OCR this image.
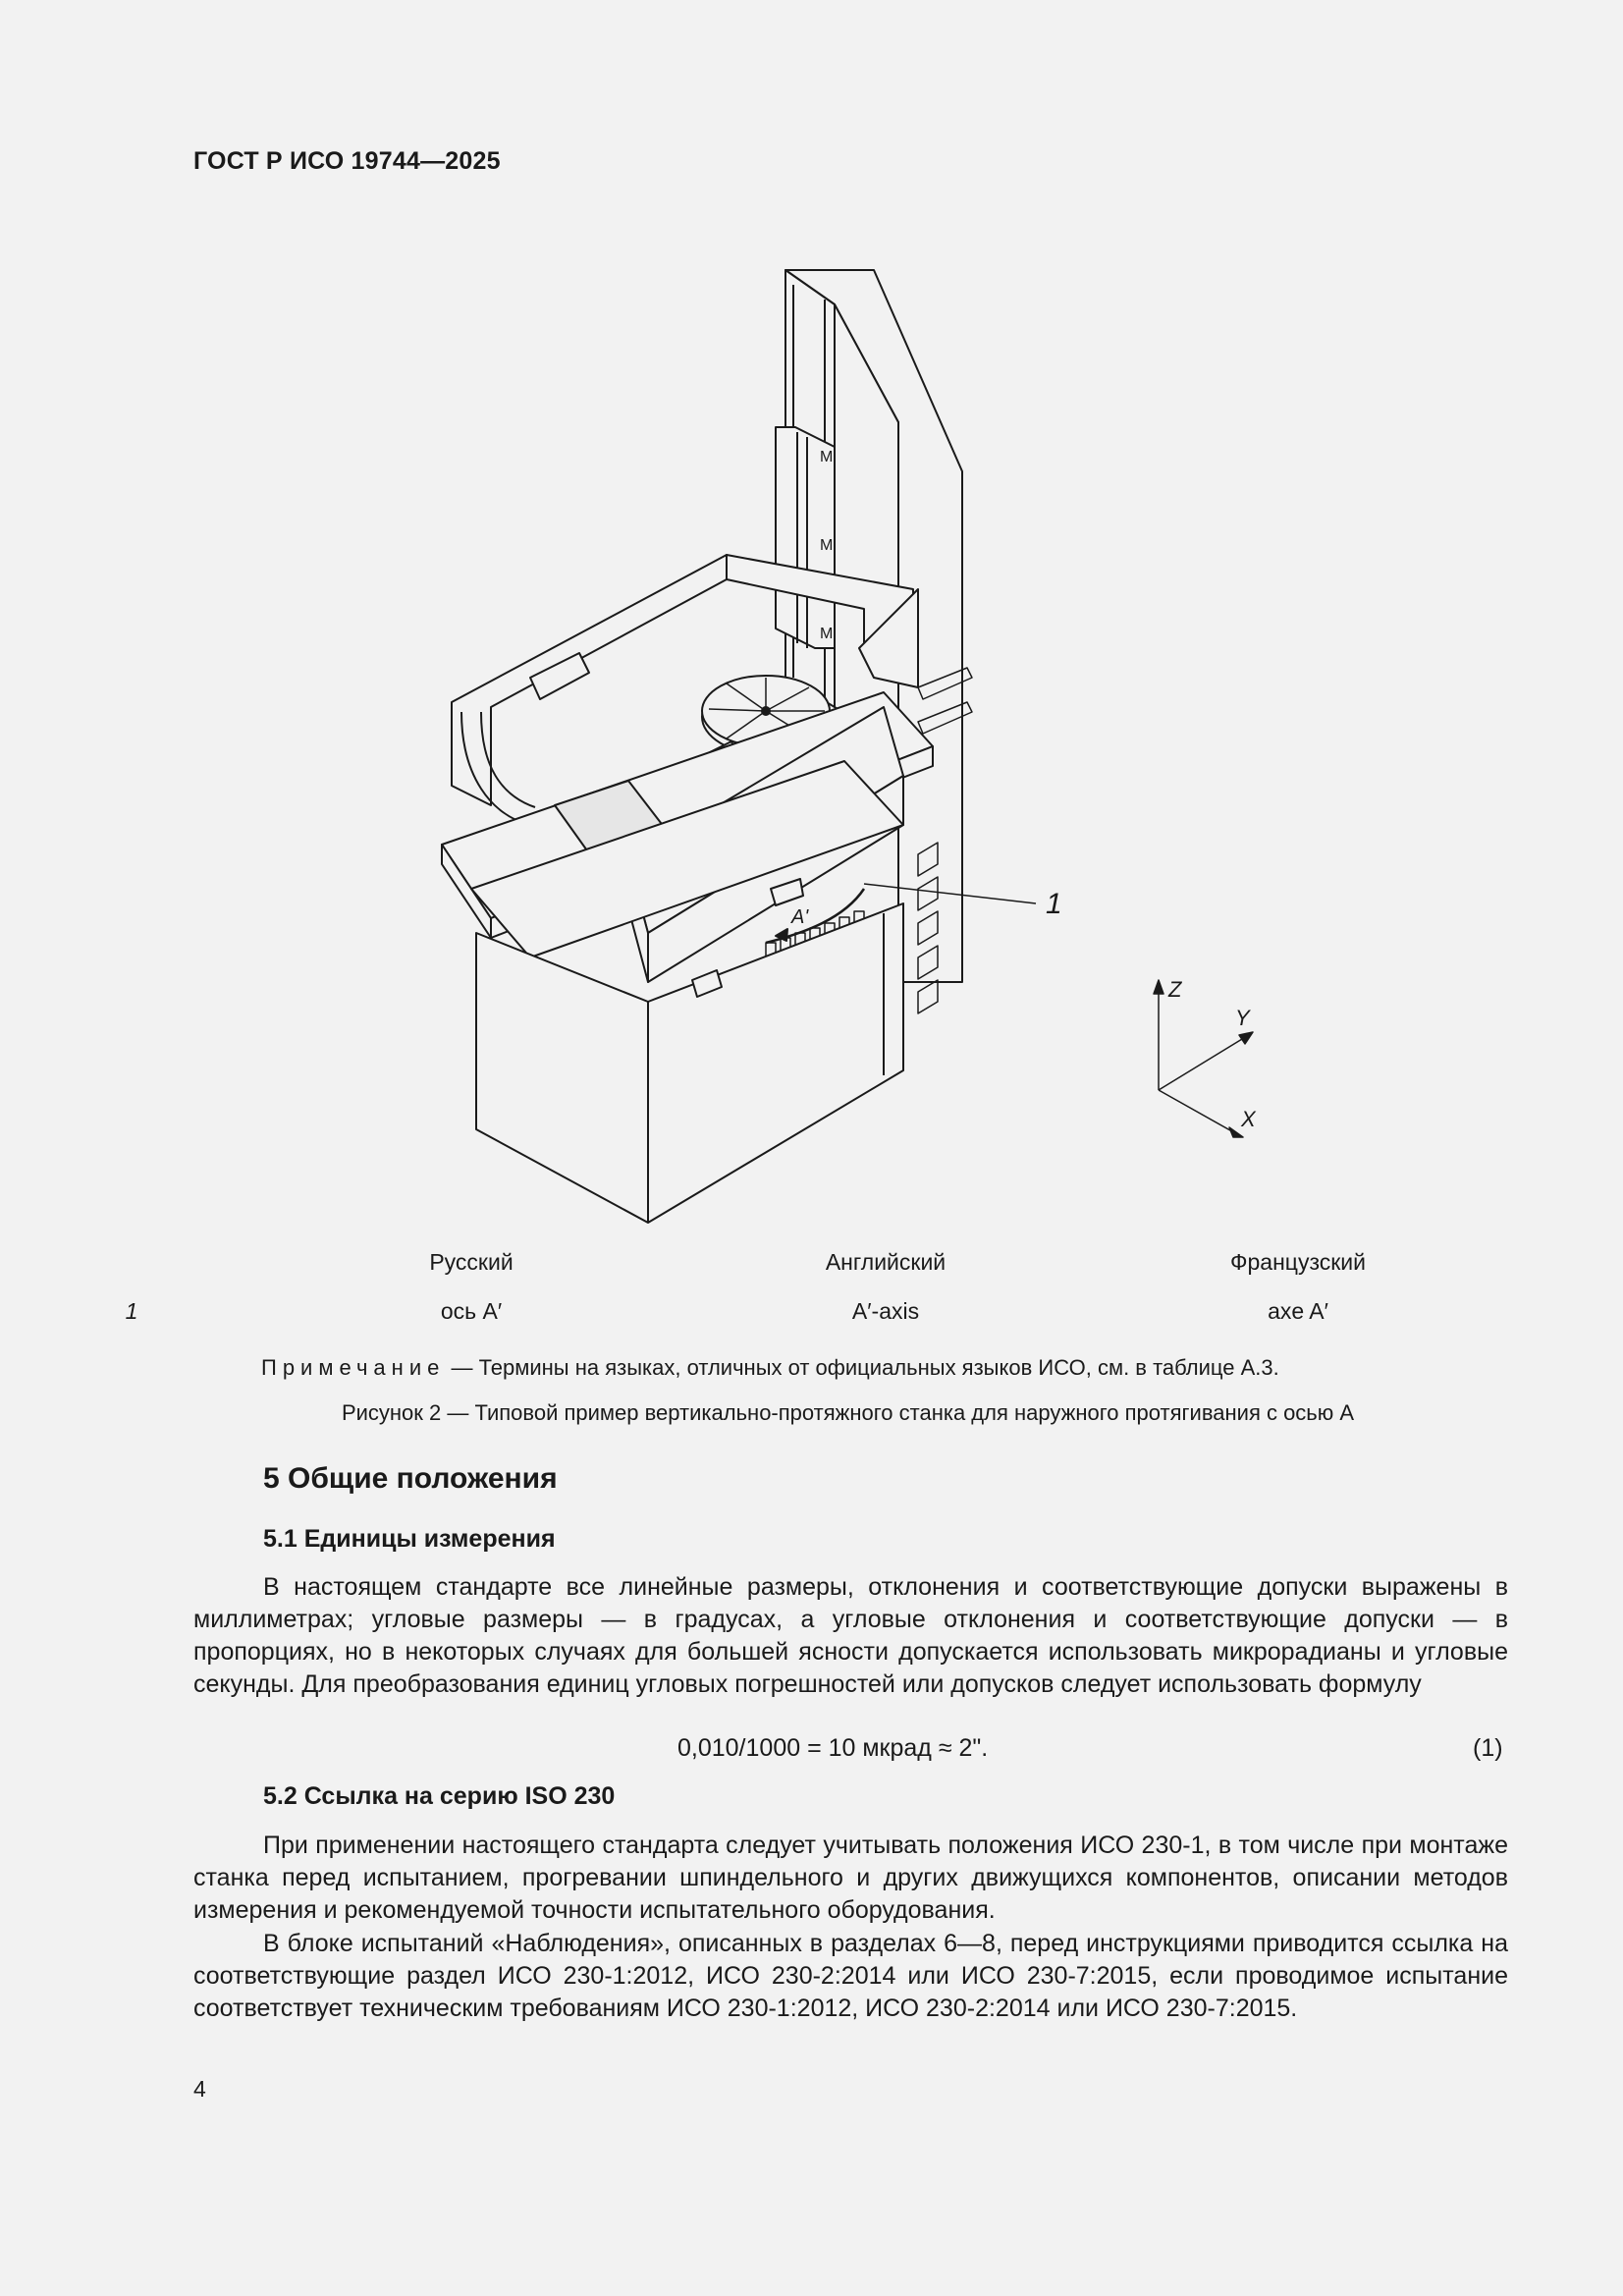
ГОСТ Р ИСО 19744—2025
M
M
M
A'	1
Z
Y
X
Русский	Английский	Французский
1	ось A′	A′-axis	axe A′
Примечание — Термины на языках, отличных от официальных языков ИСО, см. в таблице А.3.
Рисунок 2 — Типовой пример вертикально-протяжного станка для наружного протягивания с осью A
5 Общие положения
5.1 Единицы измерения
В настоящем стандарте все линейные размеры, отклонения и соответствующие допуски выражены в миллиметрах; угловые размеры — в градусах, а угловые отклонения и соответствующие допуски — в пропорциях, но в некоторых случаях для большей ясности допускается использовать микрорадианы и угловые секунды. Для преобразования единиц угловых погрешностей или допусков следует использовать формулу
0,010/1000 = 10 мкрад ≈ 2".	(1)
5.2 Ссылка на серию ISO 230
При применении настоящего стандарта следует учитывать положения ИСО 230-1, в том числе при монтаже станка перед испытанием, прогревании шпиндельного и других движущихся компонентов, описании методов измерения и рекомендуемой точности испытательного оборудования.
В блоке испытаний «Наблюдения», описанных в разделах 6—8, перед инструкциями приводится ссылка на соответствующие раздел ИСО 230-1:2012, ИСО 230-2:2014 или ИСО 230-7:2015, если проводимое испытание соответствует техническим требованиям ИСО 230-1:2012, ИСО 230-2:2014 или ИСО 230-7:2015.
4
